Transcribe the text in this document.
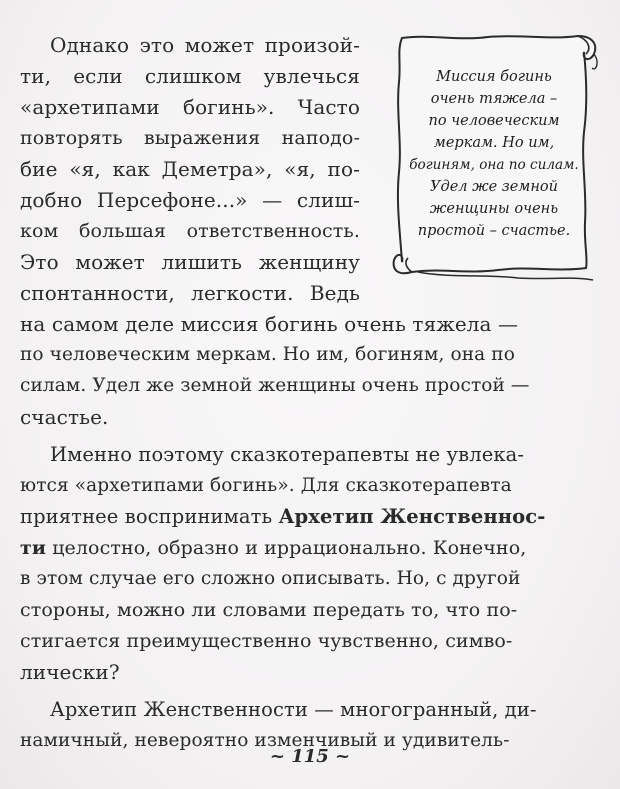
Миссия богинь
очень тяжела –
по человеческим
меркам. Но им,
богиням, она по силам.
Удел же земной
женщины очень
простой – счастье.
Однако это может произой-
ти, если слишком увлечься
«архетипами богинь». Часто
повторять выражения наподо-
бие «я, как Деметра», «я, по-
добно Персефоне...» — слиш-
ком большая ответственность.
Это может лишить женщину
спонтанности, легкости. Ведь
на самом деле миссия богинь очень тяжела —
по человеческим меркам. Но им, богиням, она по
силам. Удел же земной женщины очень простой —
счастье.
Именно поэтому сказкотерапевты не увлека-
ются «архетипами богинь». Для сказкотерапевта
приятнее воспринимать Архетип Женственнос-
ти целостно, образно и иррационально. Конечно,
в этом случае его сложно описывать. Но, с другой
стороны, можно ли словами передать то, что по-
стигается преимущественно чувственно, симво-
лически?
Архетип Женственности — многогранный, ди-
намичный, невероятно изменчивый и удивитель-
~ 115 ~
